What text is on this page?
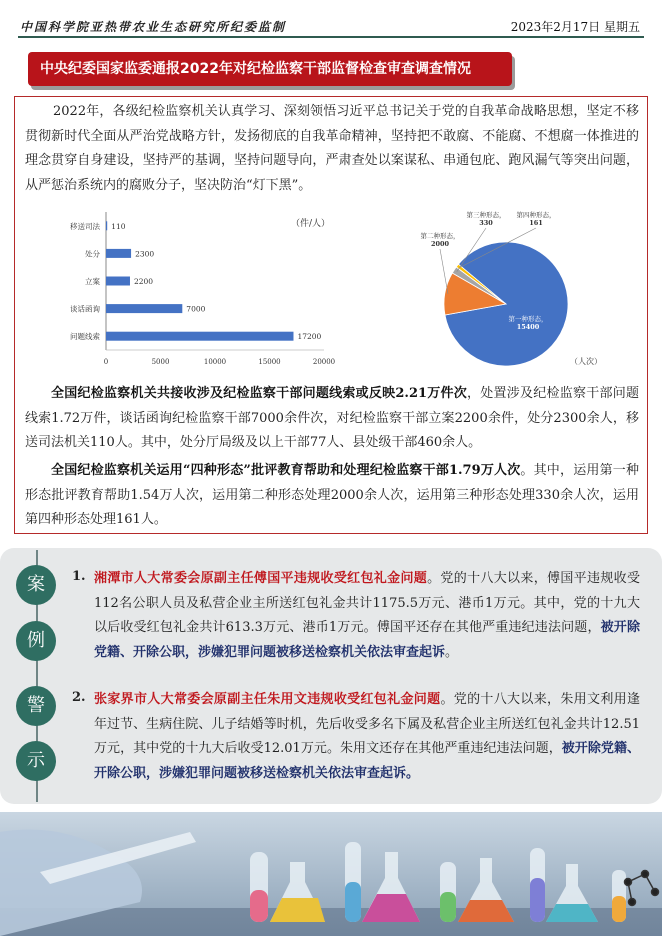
中国科学院亚热带农业生态研究所纪委监制	2023年2月17日 星期五
中央纪委国家监委通报2022年对纪检监察干部监督检查审查调查情况
2022年，各级纪检监察机关认真学习、深刻领悟习近平总书记关于党的自我革命战略思想，坚定不移贯彻新时代全面从严治党战略方针，发扬彻底的自我革命精神，坚持把不敢腐、不能腐、不想腐一体推进的理念贯穿自身建设，坚持严的基调，坚持问题导向，严肃查处以案谋私、串通包庇、跑风漏气等突出问题，从严惩治系统内的腐败分子，坚决防治“灯下黑”。
0	5000	10000	15000	20000
移送司法 110
处分	2300
立案	2200
谈话函询	7000
问题线索	17200
（件/人）
第一种形态，
15400
第二种形态，
2000
第三种形态，
330
第四种形态，
161
（人次）
全国纪检监察机关共接收涉及纪检监察干部问题线索或反映2.21万件次，处置涉及纪检监察干部问题线索1.72万件，谈话函询纪检监察干部7000余件次，对纪检监察干部立案2200余件，处分2300余人，移送司法机关110人。其中，处分厅局级及以上干部77人、县处级干部460余人。
全国纪检监察机关运用“四种形态”批评教育帮助和处理纪检监察干部1.79万人次。其中，运用第一种形态批评教育帮助1.54万人次，运用第二种形态处理2000余人次，运用第三种形态处理330余人次，运用第四种形态处理161人。
案
例
警
示
1. 湘潭市人大常委会原副主任傅国平违规收受红包礼金问题。党的十八大以来，傅国平违规收受112名公职人员及私营企业主所送红包礼金共计1175.5万元、港币1万元。其中，党的十九大以后收受红包礼金共计613.3万元、港币1万元。傅国平还存在其他严重违纪违法问题，被开除党籍、开除公职，涉嫌犯罪问题被移送检察机关依法审查起诉。
2. 张家界市人大常委会原副主任朱用文违规收受红包礼金问题。党的十八大以来，朱用文利用逢年过节、生病住院、儿子结婚等时机，先后收受多名下属及私营企业主所送红包礼金共计12.51万元，其中党的十九大后收受12.01万元。朱用文还存在其他严重违纪违法问题，被开除党籍、开除公职，涉嫌犯罪问题被移送检察机关依法审查起诉。
